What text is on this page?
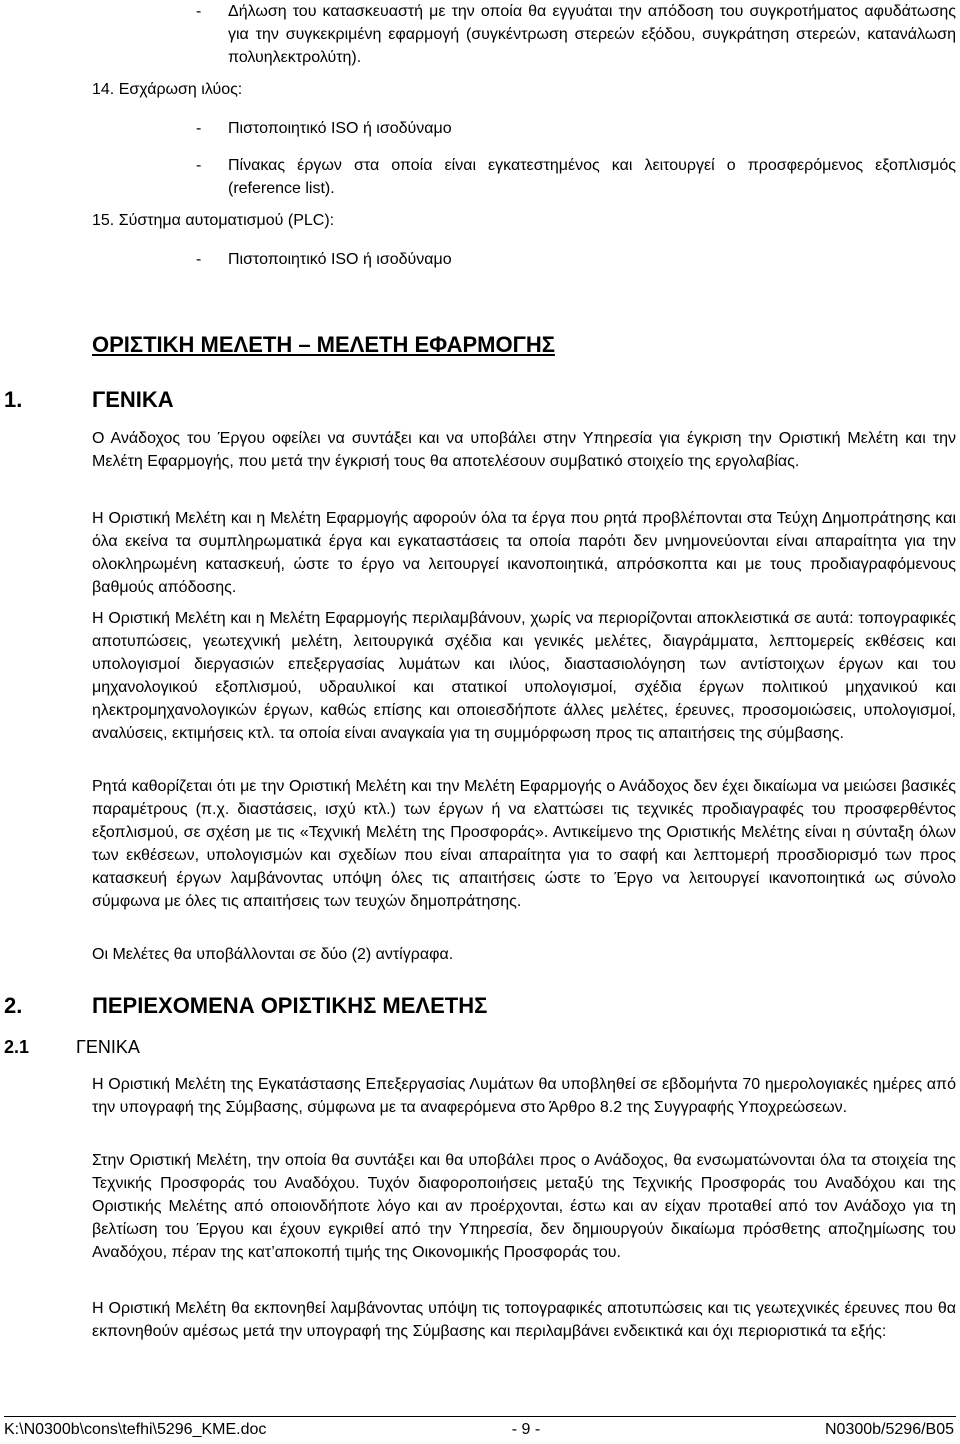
- Δήλωση του κατασκευαστή με την οποία θα εγγυάται την απόδοση του συγκροτήματος αφυδάτωσης για την συγκεκριμένη εφαρμογή (συγκέντρωση στερεών εξόδου, συγκράτηση στερεών, κατανάλωση πολυηλεκτρολύτη).
14. Εσχάρωση ιλύος:
- Πιστοποιητικό ISO ή ισοδύναμο
- Πίνακας έργων στα οποία είναι εγκατεστημένος και λειτουργεί ο προσφερόμενος εξοπλισμός (reference list).
15. Σύστημα αυτοματισμού (PLC):
- Πιστοποιητικό ISO ή ισοδύναμο
ΟΡΙΣΤΙΚΗ ΜΕΛΕΤΗ – ΜΕΛΕΤΗ ΕΦΑΡΜΟΓΗΣ
1.	ΓΕΝΙΚΑ
Ο Ανάδοχος του Έργου οφείλει να συντάξει και να υποβάλει στην Υπηρεσία για έγκριση την Οριστική Μελέτη και την Μελέτη Εφαρμογής, που μετά την έγκρισή τους θα αποτελέσουν συμβατικό στοιχείο της εργολαβίας.
Η Οριστική Μελέτη και η Μελέτη Εφαρμογής αφορούν όλα τα έργα που ρητά προβλέπονται στα Τεύχη Δημοπράτησης και όλα εκείνα τα συμπληρωματικά έργα και εγκαταστάσεις τα οποία παρότι δεν μνημονεύονται είναι απαραίτητα για την ολοκληρωμένη κατασκευή, ώστε το έργο να λειτουργεί ικανοποιητικά, απρόσκοπτα και με τους προδιαγραφόμενους βαθμούς απόδοσης.
Η Οριστική Μελέτη και η Μελέτη Εφαρμογής περιλαμβάνουν, χωρίς να περιορίζονται αποκλειστικά σε αυτά: τοπογραφικές αποτυπώσεις, γεωτεχνική μελέτη, λειτουργικά σχέδια και γενικές μελέτες, διαγράμματα, λεπτομερείς εκθέσεις και υπολογισμοί διεργασιών επεξεργασίας λυμάτων και ιλύος, διαστασιολόγηση των αντίστοιχων έργων και του μηχανολογικού εξοπλισμού, υδραυλικοί και στατικοί υπολογισμοί, σχέδια έργων πολιτικού μηχανικού και ηλεκτρομηχανολογικών έργων, καθώς επίσης και οποιεσδήποτε άλλες μελέτες, έρευνες, προσομοιώσεις, υπολογισμοί, αναλύσεις, εκτιμήσεις κτλ. τα οποία είναι αναγκαία για τη συμμόρφωση προς τις απαιτήσεις της σύμβασης.
Ρητά καθορίζεται ότι με την Οριστική Μελέτη και την Μελέτη Εφαρμογής ο Ανάδοχος δεν έχει δικαίωμα να μειώσει βασικές παραμέτρους (π.χ. διαστάσεις, ισχύ κτλ.) των έργων ή να ελαττώσει τις τεχνικές προδιαγραφές του προσφερθέντος εξοπλισμού, σε σχέση με τις «Τεχνική Μελέτη της Προσφοράς». Αντικείμενο της Οριστικής Μελέτης είναι η σύνταξη όλων των εκθέσεων, υπολογισμών και σχεδίων που είναι απαραίτητα για τo σαφή και λεπτομερή προσδιορισμό των προς κατασκευή έργων λαμβάνοντας υπόψη όλες τις απαιτήσεις ώστε το Έργο να λειτουργεί ικανοποιητικά ως σύνολο σύμφωνα με όλες τις απαιτήσεις των τευχών δημοπράτησης.
Οι Μελέτες θα υποβάλλονται σε δύο (2) αντίγραφα.
2.	ΠΕΡΙΕΧΟΜΕΝΑ ΟΡΙΣΤΙΚΗΣ ΜΕΛΕΤΗΣ
2.1	ΓΕΝΙΚΑ
Η Οριστική Μελέτη της Εγκατάστασης Επεξεργασίας Λυμάτων θα υποβληθεί σε εβδομήντα 70 ημερολογιακές ημέρες από την υπογραφή της Σύμβασης, σύμφωνα με τα αναφερόμενα στο Άρθρο 8.2 της Συγγραφής Υποχρεώσεων.
Στην Οριστική Μελέτη, την οποία θα συντάξει και θα υποβάλει προς ο Ανάδοχος, θα ενσωματώνονται όλα τα στοιχεία της Τεχνικής Προσφοράς του Αναδόχου. Τυχόν διαφοροποιήσεις μεταξύ της Τεχνικής Προσφοράς του Αναδόχου και της Οριστικής Μελέτης από οποιονδήποτε λόγο και αν προέρχονται, έστω και αν είχαν προταθεί από τον Ανάδοχο για τη βελτίωση του Έργου και έχουν εγκριθεί από την Υπηρεσία, δεν δημιουργούν δικαίωμα πρόσθετης αποζημίωσης του Αναδόχου, πέραν της κατ’αποκοπή τιμής της Οικονομικής Προσφοράς του.
Η Οριστική Μελέτη θα εκπονηθεί λαμβάνοντας υπόψη τις τοπογραφικές αποτυπώσεις και τις γεωτεχνικές έρευνες που θα εκπονηθούν αμέσως μετά την υπογραφή της Σύμβασης και περιλαμβάνει ενδεικτικά και όχι περιοριστικά τα εξής:
K:\N0300b\cons\tefhi\5296_KME.doc	- 9 -	N0300b/5296/B05
